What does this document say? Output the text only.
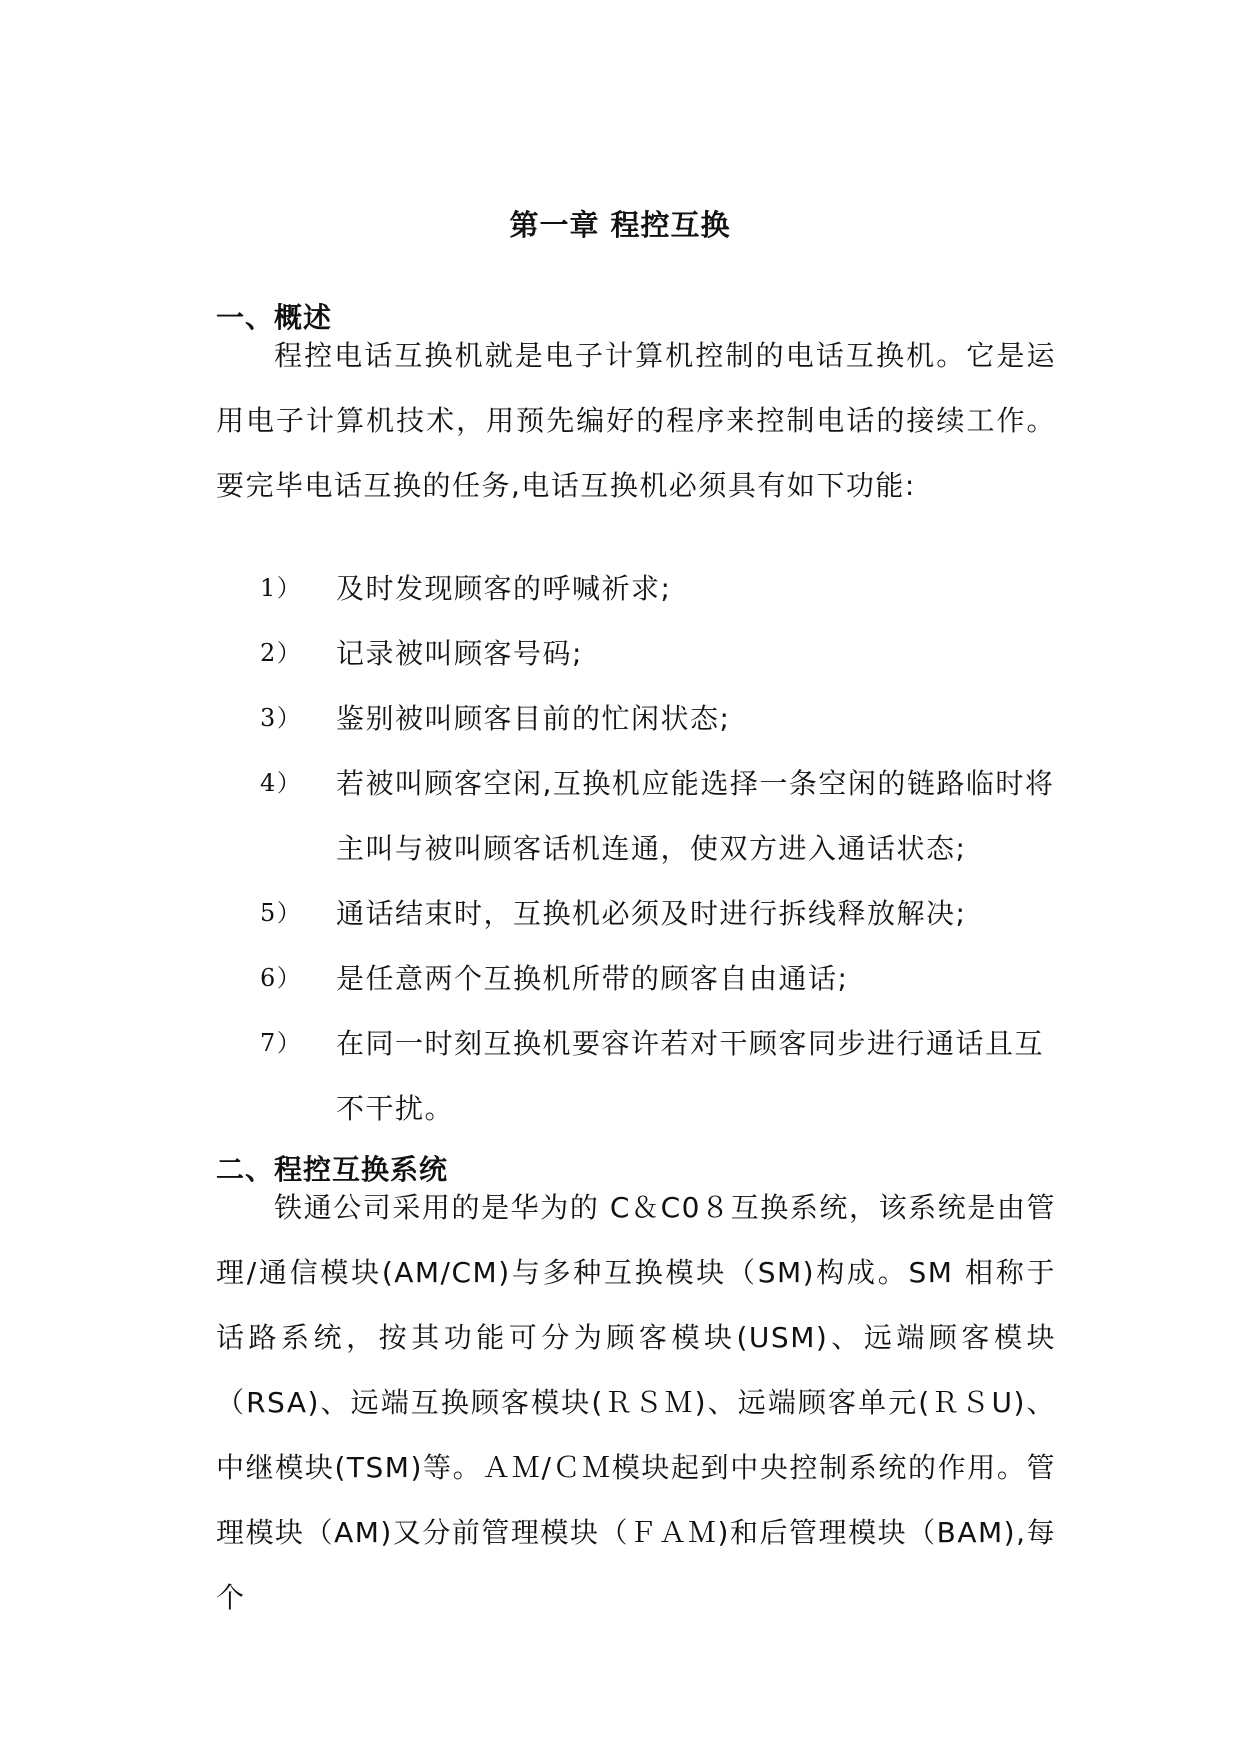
第一章 程控互换
一、概述

程控电话互换机就是电子计算机控制的电话互换机。它是运用电子计算机技术，用预先编好的程序来控制电话的接续工作。要完毕电话互换的任务,电话互换机必须具有如下功能:

1） 及时发现顾客的呼喊祈求;
2） 记录被叫顾客号码;
3） 鉴别被叫顾客目前的忙闲状态;
4） 若被叫顾客空闲,互换机应能选择一条空闲的链路临时将主叫与被叫顾客话机连通，使双方进入通话状态;
5） 通话结束时，互换机必须及时进行拆线释放解决;
6） 是任意两个互换机所带的顾客自由通话;
7） 在同一时刻互换机要容许若对干顾客同步进行通话且互不干扰。
二、程控互换系统

铁通公司采用的是华为的 C＆C0８互换系统，该系统是由管理/通信模块(AM/CM)与多种互换模块（SM)构成。SM 相称于话路系统，按其功能可分为顾客模块(USM)、远端顾客模块（RSA)、远端互换顾客模块(ＲＳＭ)、远端顾客单元(ＲＳU)、中继模块(TSM)等。ＡＭ/ＣＭ模块起到中央控制系统的作用。管理模块（AM)又分前管理模块（ＦＡＭ)和后管理模块（BAM),每个
